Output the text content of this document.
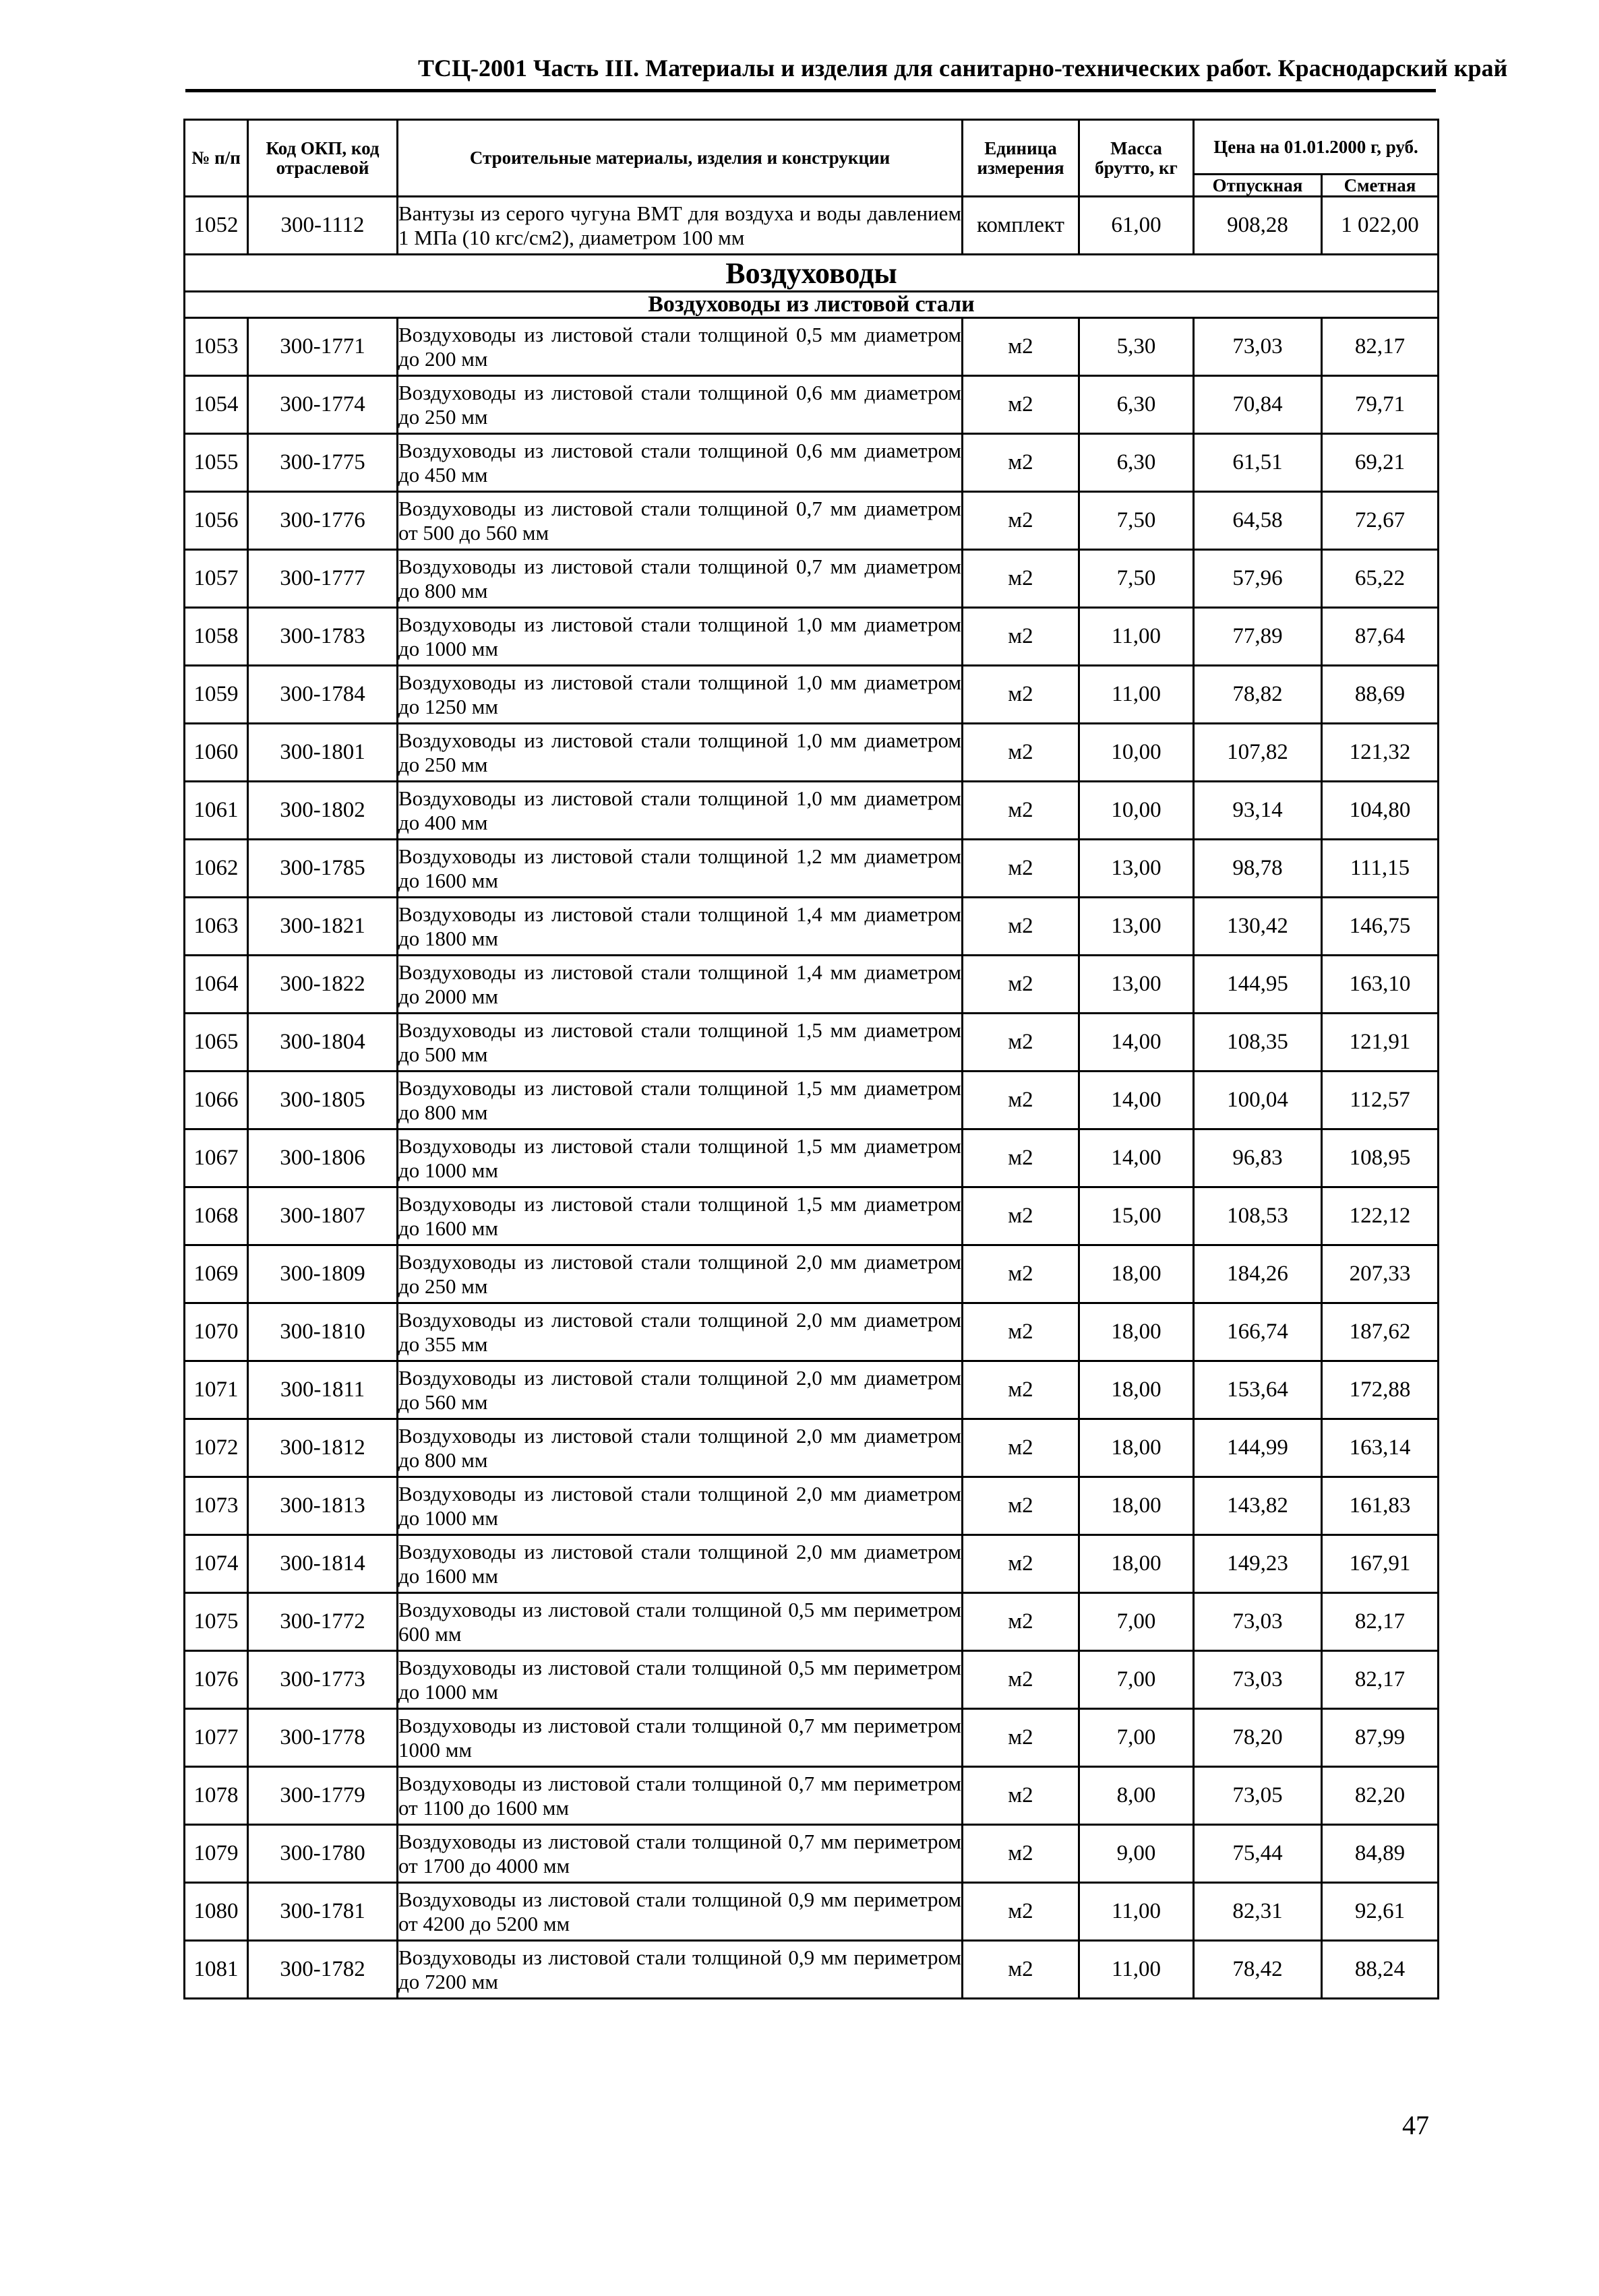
ТСЦ-2001 Часть III. Материалы и изделия для санитарно-технических работ. Краснодарский край
№ п/п	Код ОКП, код отраслевой	Строительные материалы, изделия и конструкции	Единица измерения	Масса брутто, кг	Цена на 01.01.2000 г, руб.	
					Отпускная	Сметная
1052	300-1112	Вантузы из серого чугуна ВМТ для воздуха и воды давлением 1 МПа (10 кгс/см2), диаметром 100 мм	комплект	61,00	908,28	1 022,00
Воздуховоды						
Воздуховоды из листовой стали						
1053	300-1771	Воздуховоды из листовой стали толщиной 0,5 мм диаметром до 200 мм	м2	5,30	73,03	82,17
1054	300-1774	Воздуховоды из листовой стали толщиной 0,6 мм диаметром до 250 мм	м2	6,30	70,84	79,71
1055	300-1775	Воздуховоды из листовой стали толщиной 0,6 мм диаметром до 450 мм	м2	6,30	61,51	69,21
1056	300-1776	Воздуховоды из листовой стали толщиной 0,7 мм диаметром от 500 до 560 мм	м2	7,50	64,58	72,67
1057	300-1777	Воздуховоды из листовой стали толщиной 0,7 мм диаметром до 800 мм	м2	7,50	57,96	65,22
1058	300-1783	Воздуховоды из листовой стали толщиной 1,0 мм диаметром до 1000 мм	м2	11,00	77,89	87,64
1059	300-1784	Воздуховоды из листовой стали толщиной 1,0 мм диаметром до 1250 мм	м2	11,00	78,82	88,69
1060	300-1801	Воздуховоды из листовой стали толщиной 1,0 мм диаметром до 250 мм	м2	10,00	107,82	121,32
1061	300-1802	Воздуховоды из листовой стали толщиной 1,0 мм диаметром до 400 мм	м2	10,00	93,14	104,80
1062	300-1785	Воздуховоды из листовой стали толщиной 1,2 мм диаметром до 1600 мм	м2	13,00	98,78	111,15
1063	300-1821	Воздуховоды из листовой стали толщиной 1,4 мм диаметром до 1800 мм	м2	13,00	130,42	146,75
1064	300-1822	Воздуховоды из листовой стали толщиной 1,4 мм диаметром до 2000 мм	м2	13,00	144,95	163,10
1065	300-1804	Воздуховоды из листовой стали толщиной 1,5 мм диаметром до 500 мм	м2	14,00	108,35	121,91
1066	300-1805	Воздуховоды из листовой стали толщиной 1,5 мм диаметром до 800 мм	м2	14,00	100,04	112,57
1067	300-1806	Воздуховоды из листовой стали толщиной 1,5 мм диаметром до 1000 мм	м2	14,00	96,83	108,95
1068	300-1807	Воздуховоды из листовой стали толщиной 1,5 мм диаметром до 1600 мм	м2	15,00	108,53	122,12
1069	300-1809	Воздуховоды из листовой стали толщиной 2,0 мм диаметром до 250 мм	м2	18,00	184,26	207,33
1070	300-1810	Воздуховоды из листовой стали толщиной 2,0 мм диаметром до 355 мм	м2	18,00	166,74	187,62
1071	300-1811	Воздуховоды из листовой стали толщиной 2,0 мм диаметром до 560 мм	м2	18,00	153,64	172,88
1072	300-1812	Воздуховоды из листовой стали толщиной 2,0 мм диаметром до 800 мм	м2	18,00	144,99	163,14
1073	300-1813	Воздуховоды из листовой стали толщиной 2,0 мм диаметром до 1000 мм	м2	18,00	143,82	161,83
1074	300-1814	Воздуховоды из листовой стали толщиной 2,0 мм диаметром до 1600 мм	м2	18,00	149,23	167,91
1075	300-1772	Воздуховоды из листовой стали толщиной 0,5 мм периметром 600 мм	м2	7,00	73,03	82,17
1076	300-1773	Воздуховоды из листовой стали толщиной 0,5 мм периметром до 1000 мм	м2	7,00	73,03	82,17
1077	300-1778	Воздуховоды из листовой стали толщиной 0,7 мм периметром 1000 мм	м2	7,00	78,20	87,99
1078	300-1779	Воздуховоды из листовой стали толщиной 0,7 мм периметром от 1100 до 1600 мм	м2	8,00	73,05	82,20
1079	300-1780	Воздуховоды из листовой стали толщиной 0,7 мм периметром от 1700 до 4000 мм	м2	9,00	75,44	84,89
1080	300-1781	Воздуховоды из листовой стали толщиной 0,9 мм периметром от 4200 до 5200 мм	м2	11,00	82,31	92,61
1081	300-1782	Воздуховоды из листовой стали толщиной 0,9 мм периметром до 7200 мм	м2	11,00	78,42	88,24
47
